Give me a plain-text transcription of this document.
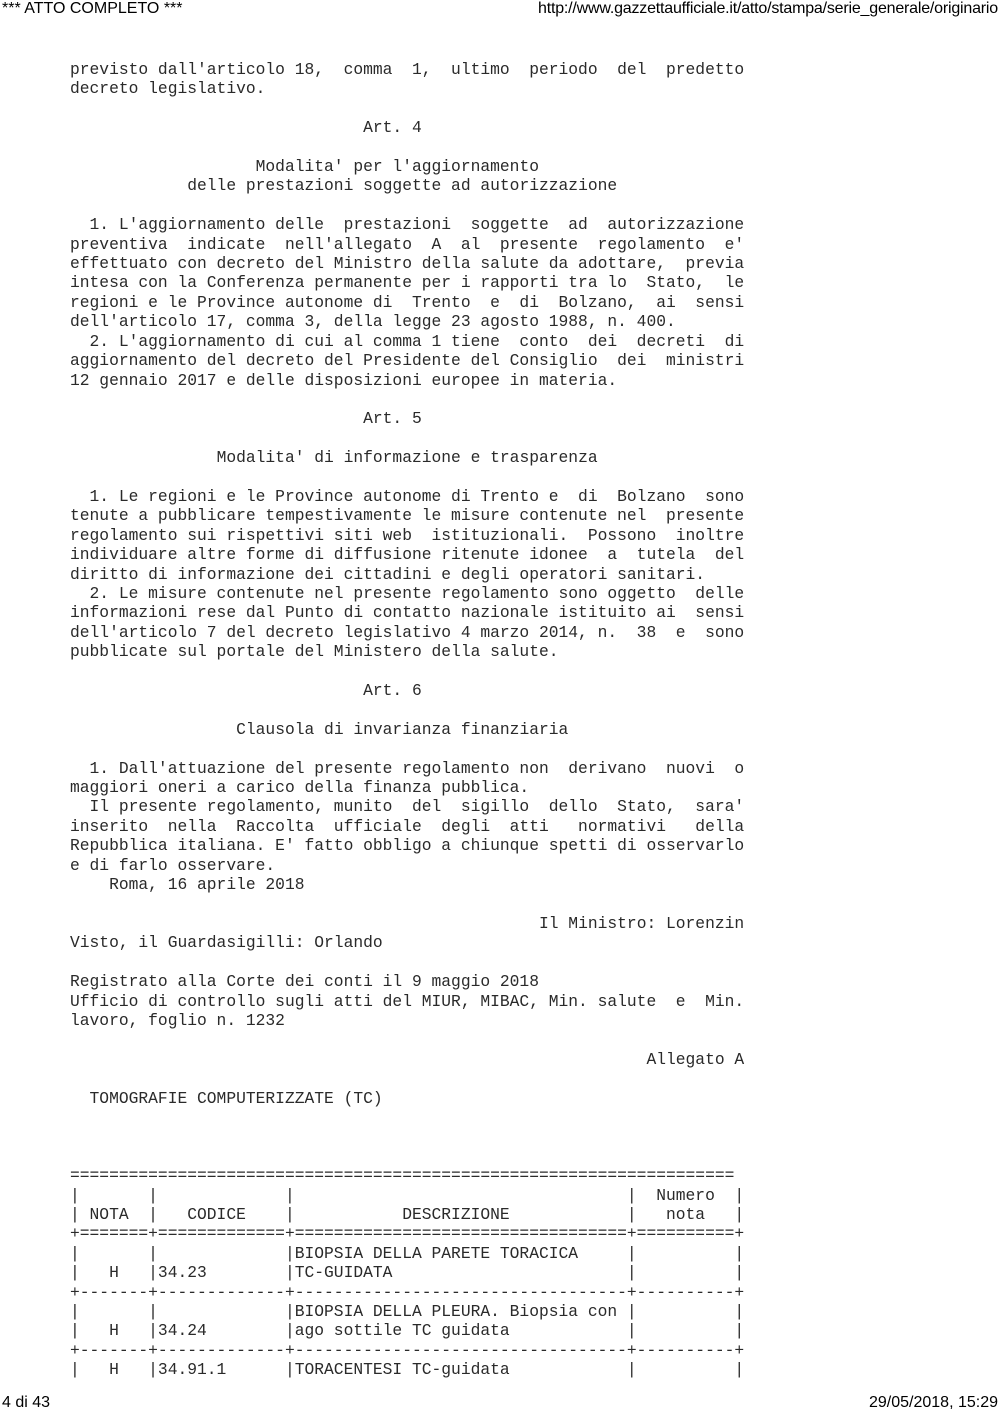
*** ATTO COMPLETO ***	http://www.gazzettaufficiale.it/atto/stampa/serie_generale/originario
previsto dall'articolo 18,  comma  1,  ultimo  periodo  del  predetto
decreto legislativo.

Art. 4

Modalita' per l'aggiornamento
delle prestazioni soggette ad autorizzazione

1. L'aggiornamento delle  prestazioni  soggette  ad  autorizzazione
preventiva  indicate  nell'allegato  A  al  presente  regolamento  e'
effettuato con decreto del Ministro della salute da adottare,  previa
intesa con la Conferenza permanente per i rapporti tra lo  Stato,  le
regioni e le Province autonome di  Trento  e  di  Bolzano,  ai  sensi
dell'articolo 17, comma 3, della legge 23 agosto 1988, n. 400.
2. L'aggiornamento di cui al comma 1 tiene  conto  dei  decreti  di
aggiornamento del decreto del Presidente del Consiglio  dei  ministri
12 gennaio 2017 e delle disposizioni europee in materia.

Art. 5

Modalita' di informazione e trasparenza

1. Le regioni e le Province autonome di Trento e  di  Bolzano  sono
tenute a pubblicare tempestivamente le misure contenute nel  presente
regolamento sui rispettivi siti web  istituzionali.  Possono  inoltre
individuare altre forme di diffusione ritenute idonee  a  tutela  del
diritto di informazione dei cittadini e degli operatori sanitari.
2. Le misure contenute nel presente regolamento sono oggetto  delle
informazioni rese dal Punto di contatto nazionale istituito ai  sensi
dell'articolo 7 del decreto legislativo 4 marzo 2014, n.  38  e  sono
pubblicate sul portale del Ministero della salute.

Art. 6

Clausola di invarianza finanziaria

1. Dall'attuazione del presente regolamento non  derivano  nuovi  o
maggiori oneri a carico della finanza pubblica.
Il presente regolamento, munito  del  sigillo  dello  Stato,  sara'
inserito  nella  Raccolta  ufficiale  degli  atti   normativi   della
Repubblica italiana. E' fatto obbligo a chiunque spetti di osservarlo
e di farlo osservare.
Roma, 16 aprile 2018

Il Ministro: Lorenzin
Visto, il Guardasigilli: Orlando

Registrato alla Corte dei conti il 9 maggio 2018
Ufficio di controllo sugli atti del MIUR, MIBAC, Min. salute  e  Min.
lavoro, foglio n. 1232

Allegato A

TOMOGRAFIE COMPUTERIZZATE (TC)

====================================================================
|       |             |                                  |  Numero  |
| NOTA  |   CODICE    |           DESCRIZIONE            |   nota   |
+=======+=============+==================================+==========+
|       |             |BIOPSIA DELLA PARETE TORACICA     |          |
|   H   |34.23        |TC-GUIDATA                        |          |
+-------+-------------+----------------------------------+----------+
|       |             |BIOPSIA DELLA PLEURA. Biopsia con |          |
|   H   |34.24        |ago sottile TC guidata            |          |
+-------+-------------+----------------------------------+----------+
|   H   |34.91.1      |TORACENTESI TC-guidata            |          |
4 di 43	29/05/2018, 15:29
